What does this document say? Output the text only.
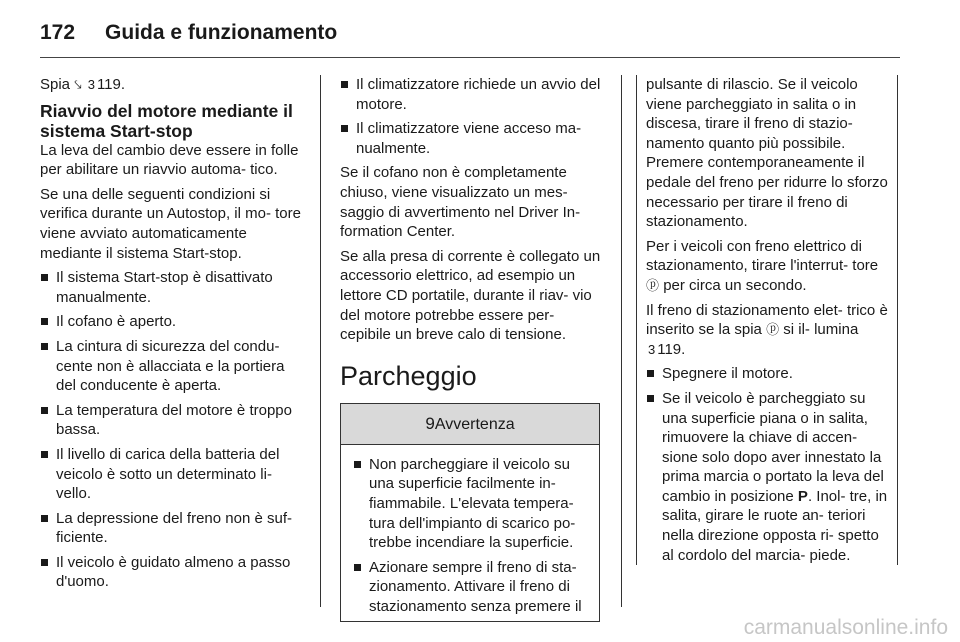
172 Guida e funzionamento

Spia ⤥ 3 119.

Riavvio del motore mediante il sistema Start-stop

La leva del cambio deve essere in folle per abilitare un riavvio automa- tico.

Se una delle seguenti condizioni si verifica durante un Autostop, il mo- tore viene avviato automaticamente mediante il sistema Start-stop.

Il sistema Start-stop è disattivato manualmente.
Il cofano è aperto.
La cintura di sicurezza del condu- cente non è allacciata e la portiera del conducente è aperta.
La temperatura del motore è troppo bassa.
Il livello di carica della batteria del veicolo è sotto un determinato li- vello.
La depressione del freno non è suf- ficiente.
Il veicolo è guidato almeno a passo d'uomo.
Il climatizzatore richiede un avvio del motore.
Il climatizzatore viene acceso ma- nualmente.

Se il cofano non è completamente chiuso, viene visualizzato un mes- saggio di avvertimento nel Driver In- formation Center.

Se alla presa di corrente è collegato un accessorio elettrico, ad esempio un lettore CD portatile, durante il riav- vio del motore potrebbe essere per- cepibile un breve calo di tensione.

Parcheggio
9Avvertenza
Non parcheggiare il veicolo su una superficie facilmente in- fiammabile. L'elevata tempera- tura dell'impianto di scarico po- trebbe incendiare la superficie.
Azionare sempre il freno di sta- zionamento. Attivare il freno di stazionamento senza premere il

pulsante di rilascio. Se il veicolo viene parcheggiato in salita o in discesa, tirare il freno di stazio- namento quanto più possibile. Premere contemporaneamente il pedale del freno per ridurre lo sforzo necessario per tirare il freno di stazionamento.

Per i veicoli con freno elettrico di stazionamento, tirare l'interrut- tore ⓟ per circa un secondo.

Il freno di stazionamento elet- trico è inserito se la spia ⓟ si il- lumina 3 119.

Spegnere il motore.
Se il veicolo è parcheggiato su una superficie piana o in salita, rimuovere la chiave di accen- sione solo dopo aver innestato la prima marcia o portato la leva del cambio in posizione P. Inol- tre, in salita, girare le ruote an- teriori nella direzione opposta ri- spetto al cordolo del marcia- piede.
carmanualsonline.info
